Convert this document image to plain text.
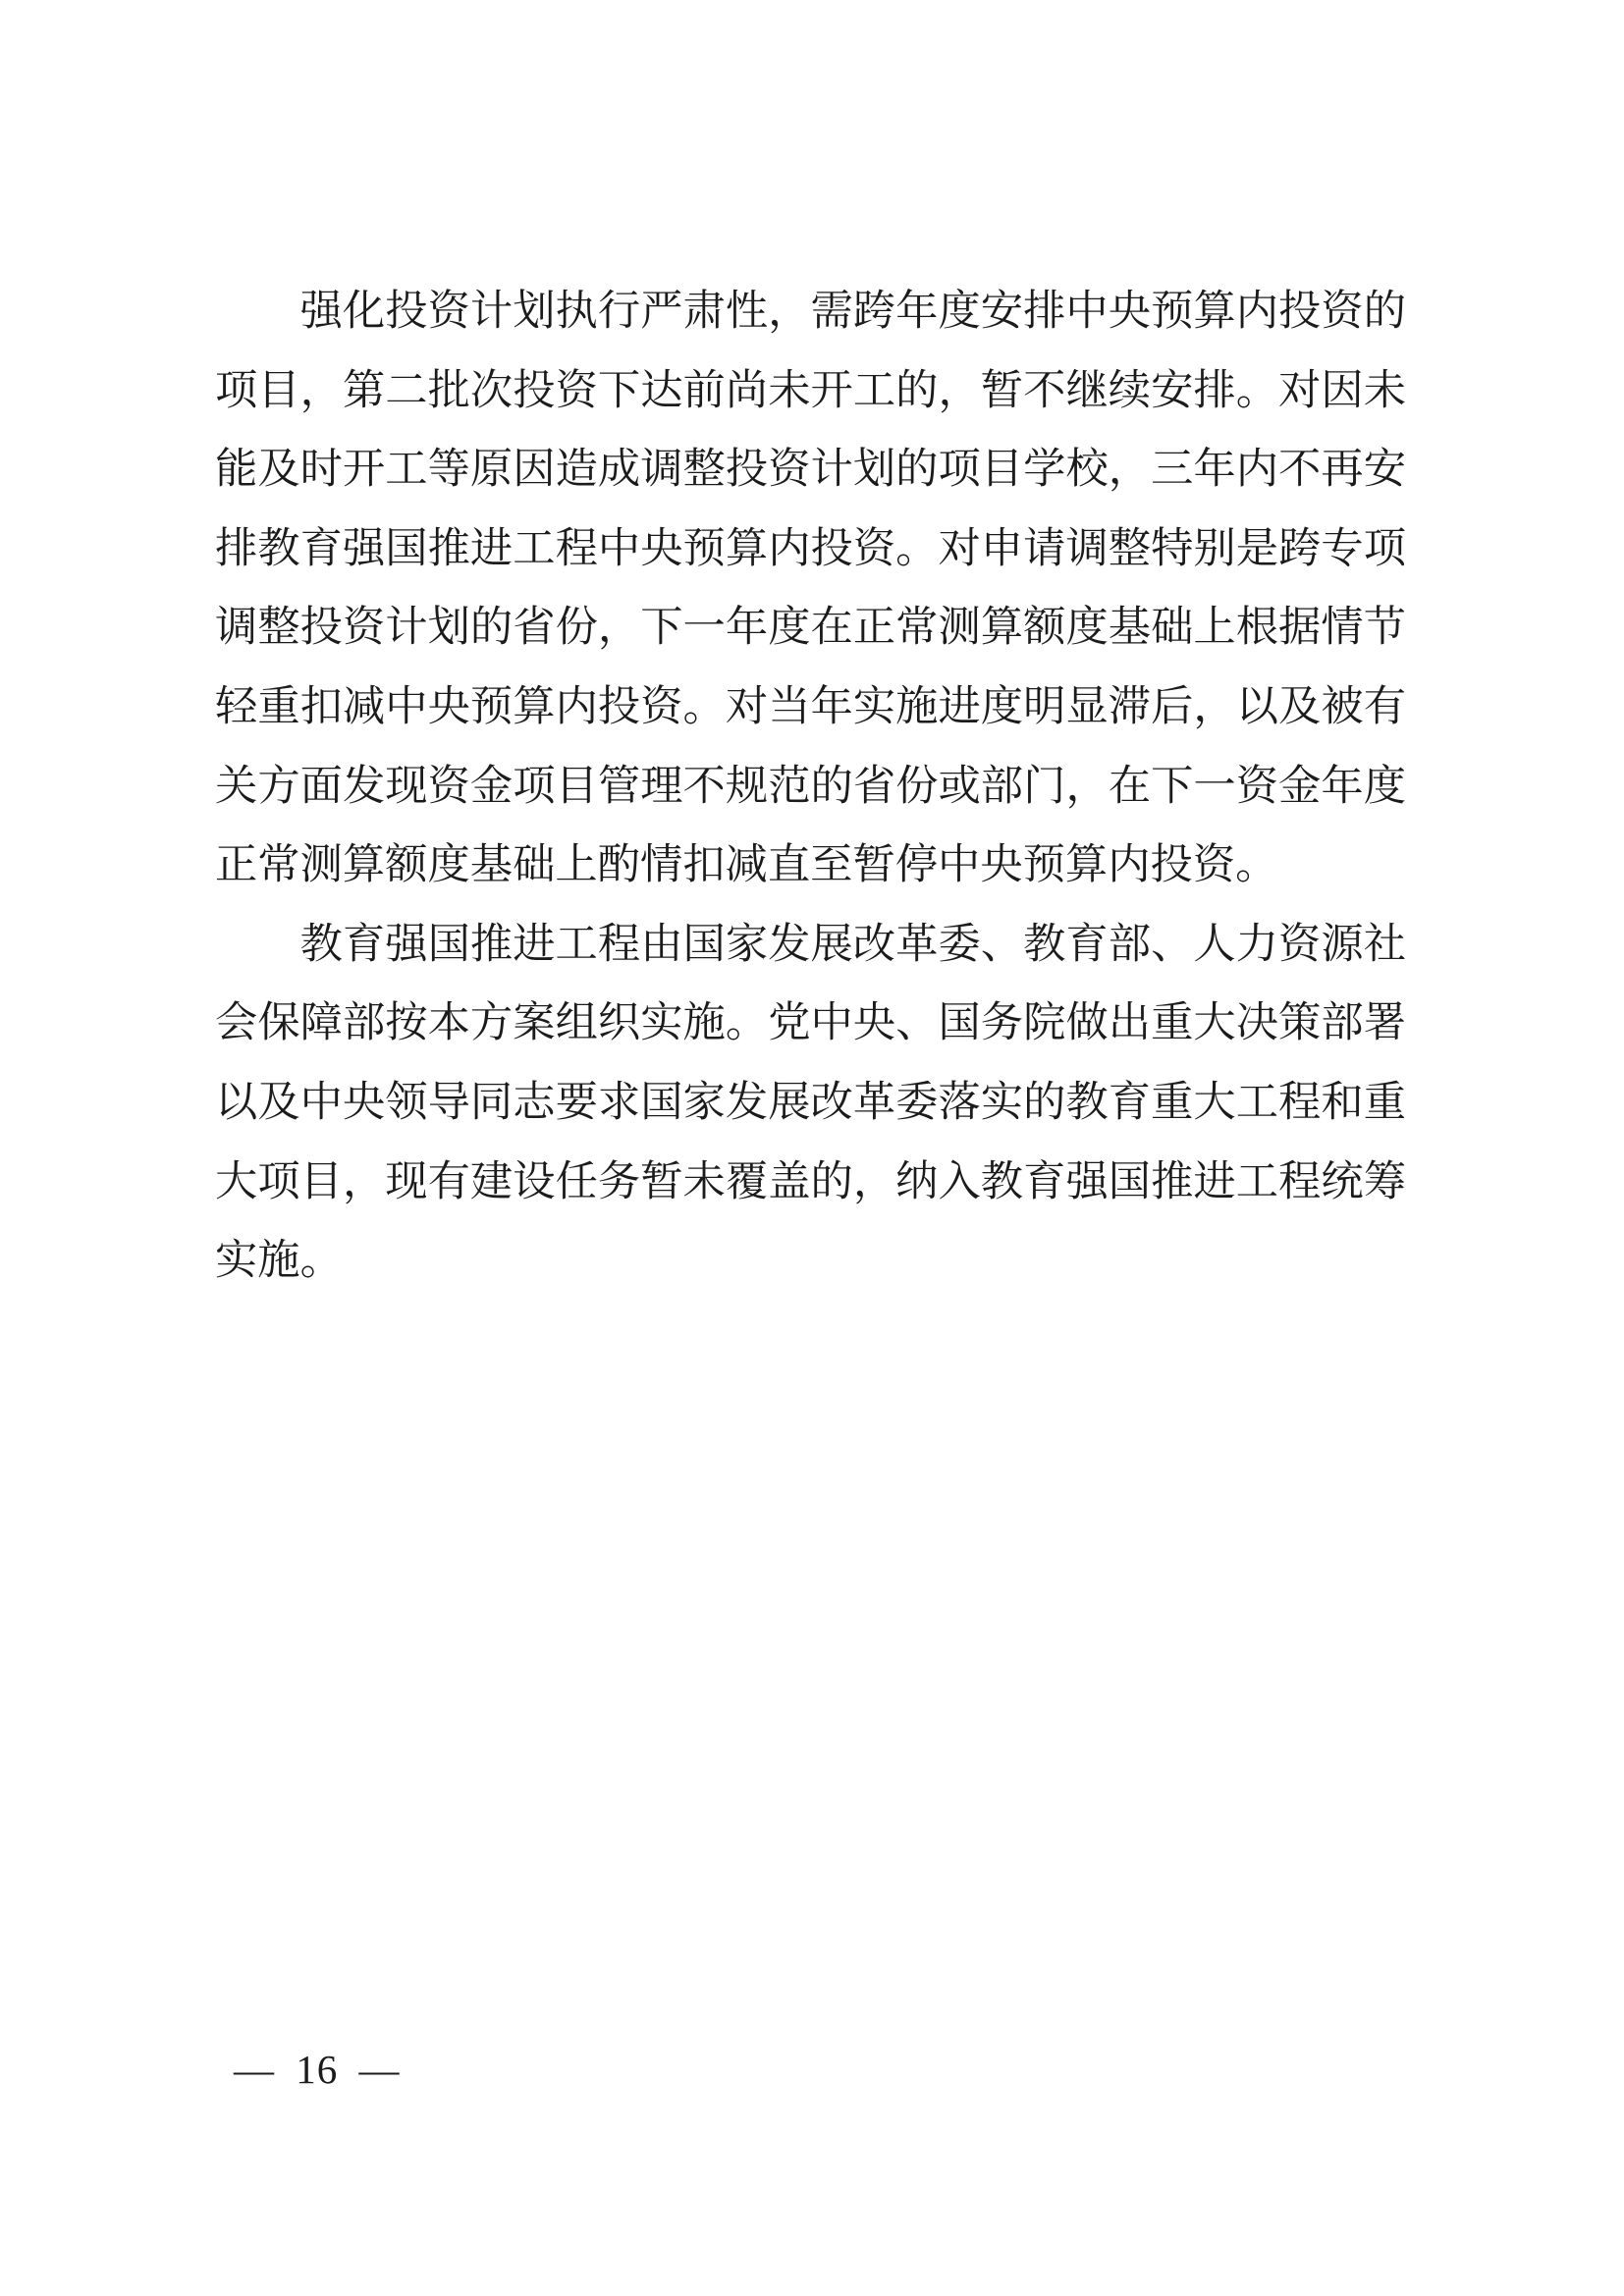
强化投资计划执行严肃性，需跨年度安排中央预算内投资的项目，第二批次投资下达前尚未开工的，暂不继续安排。对因未能及时开工等原因造成调整投资计划的项目学校，三年内不再安排教育强国推进工程中央预算内投资。对申请调整特别是跨专项调整投资计划的省份，下一年度在正常测算额度基础上根据情节轻重扣减中央预算内投资。对当年实施进度明显滞后，以及被有关方面发现资金项目管理不规范的省份或部门，在下一资金年度正常测算额度基础上酌情扣减直至暂停中央预算内投资。

教育强国推进工程由国家发展改革委、教育部、人力资源社会保障部按本方案组织实施。党中央、国务院做出重大决策部署以及中央领导同志要求国家发展改革委落实的教育重大工程和重大项目，现有建设任务暂未覆盖的，纳入教育强国推进工程统筹实施。

— 16 —
